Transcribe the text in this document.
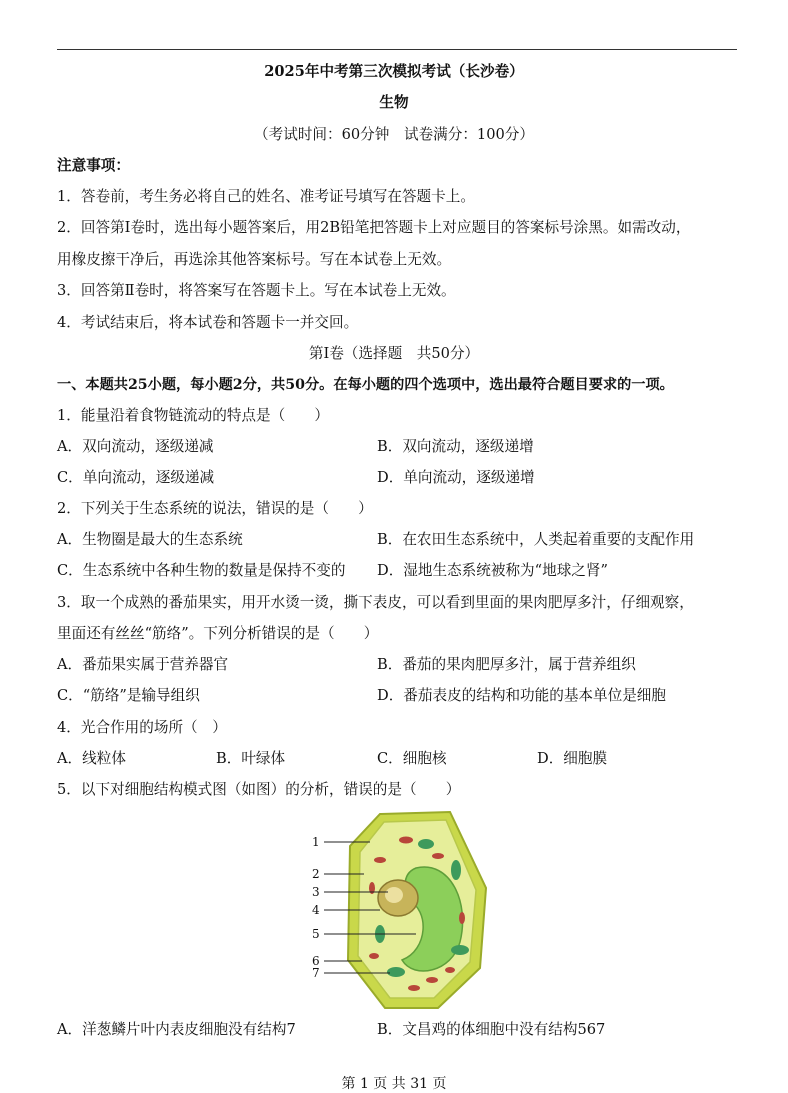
2025年中考第三次模拟考试（长沙卷）
生物
（考试时间：60分钟　试卷满分：100分）
注意事项：
1．答卷前，考生务必将自己的姓名、准考证号填写在答题卡上。
2．回答第Ⅰ卷时，选出每小题答案后，用2B铅笔把答题卡上对应题目的答案标号涂黑。如需改动，
用橡皮擦干净后，再选涂其他答案标号。写在本试卷上无效。
3．回答第Ⅱ卷时，将答案写在答题卡上。写在本试卷上无效。
4．考试结束后，将本试卷和答题卡一并交回。
第Ⅰ卷（选择题　共50分）
一、本题共25小题，每小题2分，共50分。在每小题的四个选项中，选出最符合题目要求的一项。
1．能量沿着食物链流动的特点是（　　）
A．双向流动，逐级递减	B．双向流动，逐级递增
C．单向流动，逐级递减	D．单向流动，逐级递增
2．下列关于生态系统的说法，错误的是（　　）
A．生物圈是最大的生态系统	B．在农田生态系统中，人类起着重要的支配作用
C．生态系统中各种生物的数量是保持不变的 D．湿地生态系统被称为“地球之肾”
3．取一个成熟的番茄果实，用开水烫一烫，撕下表皮，可以看到里面的果肉肥厚多汁，仔细观察，
里面还有丝丝“筋络”。下列分析错误的是（　　）
A．番茄果实属于营养器官	B．番茄的果肉肥厚多汁，属于营养组织
C．“筋络”是输导组织	D．番茄表皮的结构和功能的基本单位是细胞
4．光合作用的场所（　）
A．线粒体	B．叶绿体	C．细胞核	D．细胞膜
5．以下对细胞结构模式图（如图）的分析，错误的是（　　）
1
2
3
4
5
6
7
A．洋葱鳞片叶内表皮细胞没有结构7	B．文昌鸡的体细胞中没有结构567
第 1 页 共 31 页
